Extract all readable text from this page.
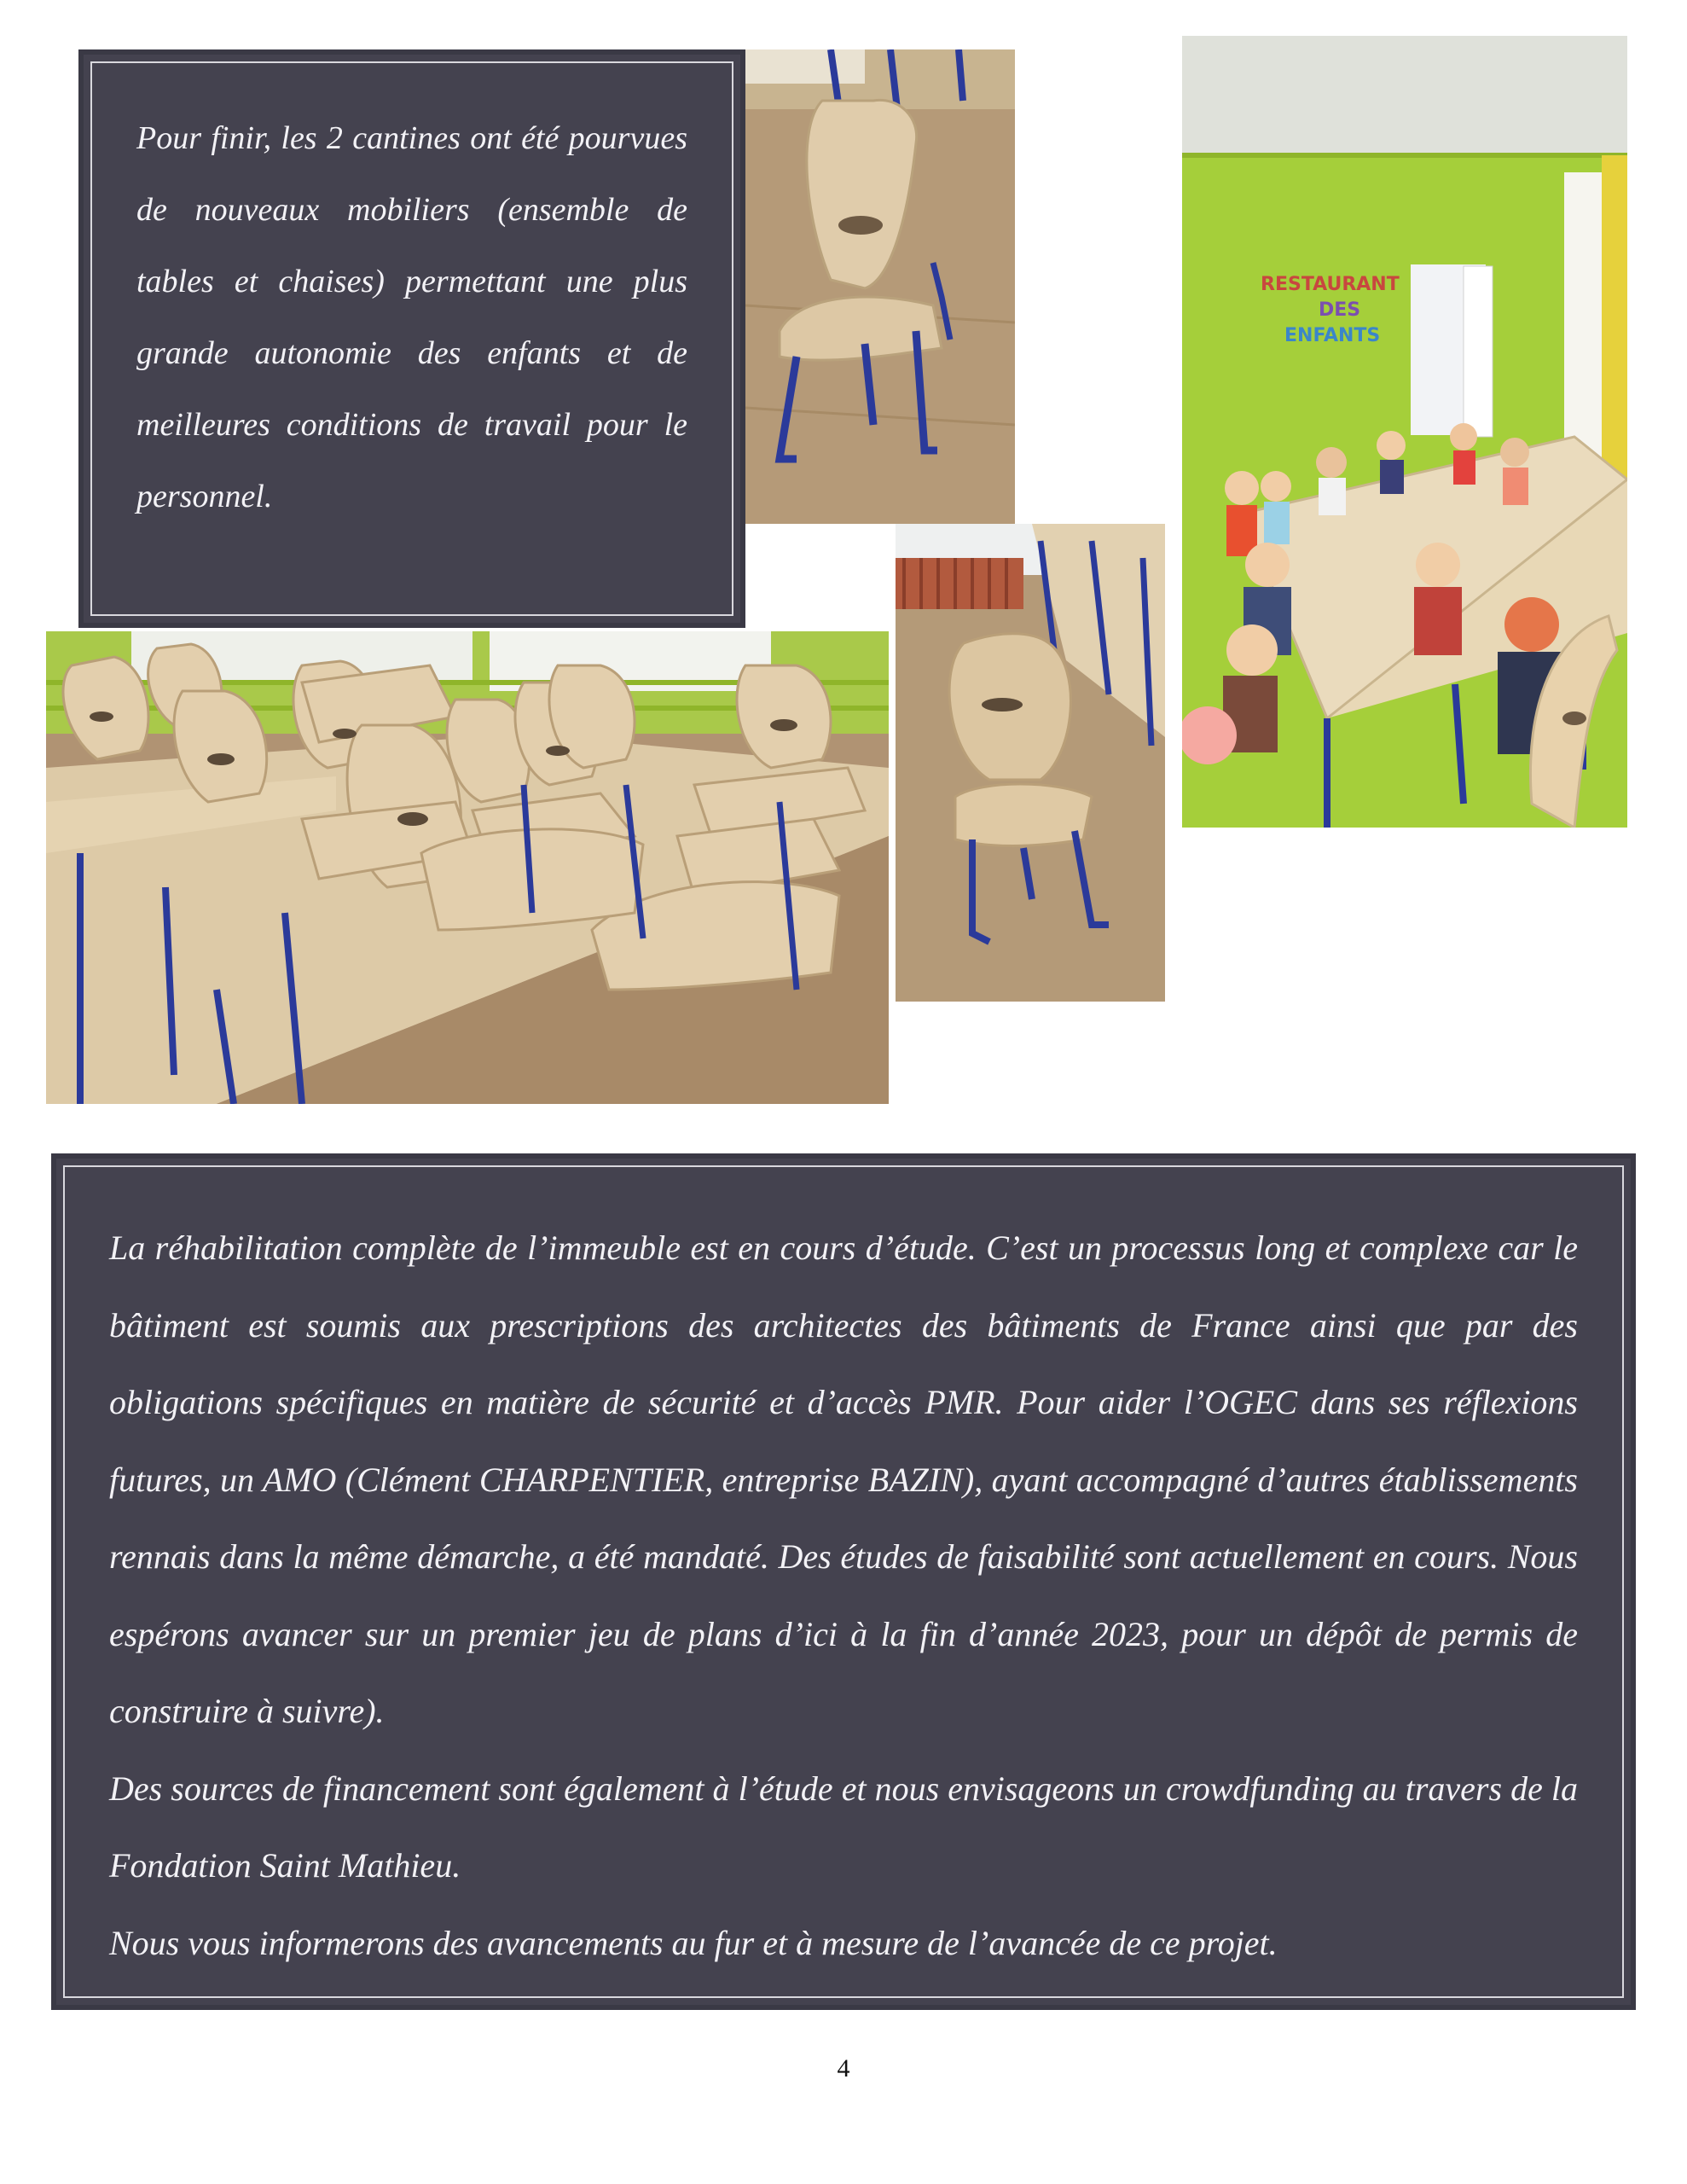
Pour finir, les 2 cantines ont été pourvues de nouveaux mobiliers (ensemble de tables et chaises) permettant une plus grande autonomie des enfants et de meilleures conditions de travail pour le personnel.
RESTAURANT
DES
ENFANTS

La réhabilitation complète de l’immeuble est en cours d’étude. C’est un processus long et complexe car le bâtiment est soumis aux prescriptions des architectes des bâtiments de France ainsi que par des obligations spécifiques en matière de sécurité et d’accès PMR. Pour aider l’OGEC dans ses réflexions futures, un AMO (Clément CHARPENTIER, entreprise BAZIN), ayant accompagné d’autres établissements rennais dans la même démarche, a été mandaté. Des études de faisabilité sont actuellement en cours. Nous espérons avancer sur un premier jeu de plans d’ici à la fin d’année 2023, pour un dépôt de permis de construire à suivre).

Des sources de financement sont également à l’étude et nous envisageons un crowdfunding au travers de la Fondation Saint Mathieu.

Nous vous informerons des avancements au fur et à mesure de l’avancée de ce projet.

4
